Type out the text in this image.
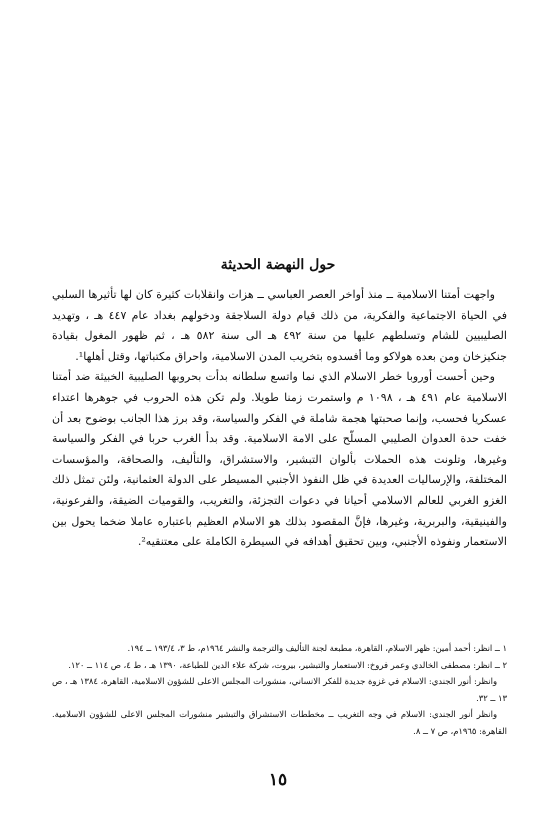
حول النهضة الحديثة

واجهت أمتنا الاسلامية ــ منذ أواخر العصر العباسي ــ هزات وانقلابات كثيرة كان لها تأثيرها السلبي في الحياة الاجتماعية والفكرية، من ذلك قيام دولة السلاجقة ودخولهم بغداد عام ٤٤٧ هـ ، وتهديد الصليبيين للشام وتسلطهم عليها من سنة ٤٩٢ هـ الى سنة ٥٨٢ هـ ، ثم ظهور المغول بقيادة جنكيزخان ومن بعده هولاكو وما أفسدوه بتخريب المدن الاسلامية، واحراق مكتباتها، وقتل أهلها¹.

وحين أحست أوروبا خطر الاسلام الذي نما واتسع سلطانه بدأت بحروبها الصليبية الخبيثة ضد أمتنا الاسلامية عام ٤٩١ هـ ، ١٠٩٨ م واستمرت زمنا طويلا. ولم تكن هذه الحروب في جوهرها اعتداء عسكريا فحسب، وإنما صحبتها هجمة شاملة في الفكر والسياسة، وقد برز هذا الجانب بوضوح بعد أن خفت حدة العدوان الصليبي المسلّح على الامة الاسلامية. وقد بدأ الغرب حربا في الفكر والسياسة وغيرها، وتلونت هذه الحملات بألوان التبشير، والاستشراق، والتأليف، والصحافة، والمؤسسات المختلفة، والإرساليات العديدة في ظل النفوذ الأجنبي المسيطر على الدولة العثمانية، ولئن تمثل ذلك الغزو الغربي للعالم الاسلامي أحيانا في دعوات التجزئة، والتغريب، والقوميات الضيقة، والفرعونية، والفينيقية، والبربرية، وغيرها، فإنَّ المقصود بذلك هو الاسلام العظيم باعتباره عاملا ضخما يحول بين الاستعمار ونفوذه الأجنبي، وبين تحقيق أهدافه في السيطرة الكاملة على معتنقيه².

١ ــ انظر: أحمد أمين: ظهر الاسلام، القاهرة، مطبعة لجنة التأليف والترجمة والنشر ١٩٦٤م، ط ٣، ١٩٣/٤ ــ ١٩٤.

٢ ــ انظر: مصطفى الخالدي وعمر فروخ: الاستعمار والتبشير، بيروت، شركة علاء الدين للطباعة، ١٣٩٠ هـ ، ط ٤، ص ١١٤ ــ ١٢٠.

وانظر: أنور الجندي: الاسلام في غزوة جديدة للفكر الانساني، منشورات المجلس الاعلى للشؤون الاسلامية، القاهرة، ١٣٨٤ هـ ، ص ١٣ ــ ٣٢.

وانظر أنور الجندي: الاسلام في وجه التغريب ــ مخططات الاستشراق والتبشير منشورات المجلس الاعلى للشؤون الاسلامية. القاهرة: ١٩٦٥م، ص ٧ ــ ٨.

١٥
